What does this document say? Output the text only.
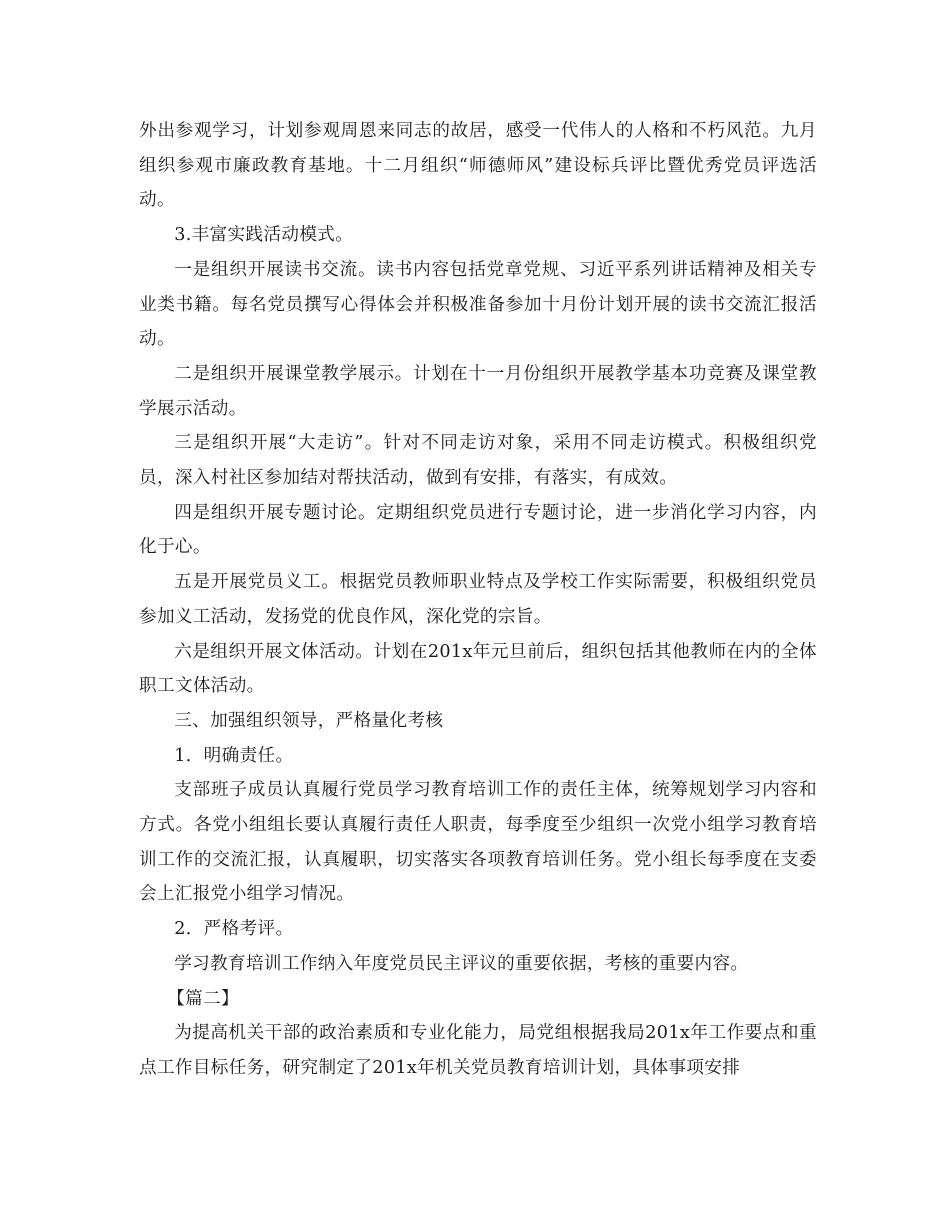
外出参观学习，计划参观周恩来同志的故居，感受一代伟人的人格和不朽风范。九月组织参观市廉政教育基地。十二月组织“师德师风”建设标兵评比暨优秀党员评选活动。

3.丰富实践活动模式。

一是组织开展读书交流。读书内容包括党章党规、习近平系列讲话精神及相关专业类书籍。每名党员撰写心得体会并积极准备参加十月份计划开展的读书交流汇报活动。

二是组织开展课堂教学展示。计划在十一月份组织开展教学基本功竞赛及课堂教学展示活动。

三是组织开展“大走访”。针对不同走访对象，采用不同走访模式。积极组织党员，深入村社区参加结对帮扶活动，做到有安排，有落实，有成效。

四是组织开展专题讨论。定期组织党员进行专题讨论，进一步消化学习内容，内化于心。

五是开展党员义工。根据党员教师职业特点及学校工作实际需要，积极组织党员参加义工活动，发扬党的优良作风，深化党的宗旨。

六是组织开展文体活动。计划在201x年元旦前后，组织包括其他教师在内的全体职工文体活动。

三、加强组织领导，严格量化考核

1．明确责任。

支部班子成员认真履行党员学习教育培训工作的责任主体，统筹规划学习内容和方式。各党小组组长要认真履行责任人职责，每季度至少组织一次党小组学习教育培训工作的交流汇报，认真履职，切实落实各项教育培训任务。党小组长每季度在支委会上汇报党小组学习情况。

2．严格考评。

学习教育培训工作纳入年度党员民主评议的重要依据，考核的重要内容。

【篇二】

为提高机关干部的政治素质和专业化能力，局党组根据我局201x年工作要点和重点工作目标任务，研究制定了201x年机关党员教育培训计划，具体事项安排
